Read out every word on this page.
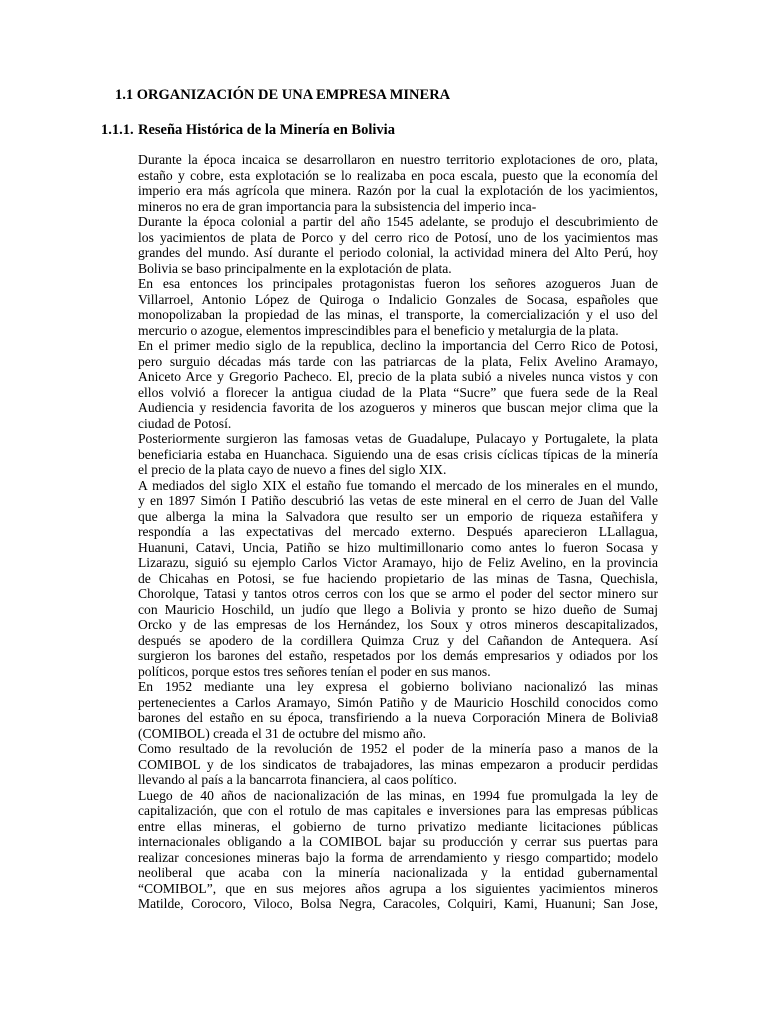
1.1 ORGANIZACIÓN DE UNA EMPRESA MINERA
1.1.1. Reseña Histórica de la Minería en Bolivia
Durante la época incaica se desarrollaron en nuestro territorio explotaciones de oro, plata,
estaño y cobre, esta explotación se lo realizaba en poca escala, puesto que la economía del
imperio era más agrícola que minera. Razón por la cual la explotación de los yacimientos,
mineros no era de gran importancia para la subsistencia del imperio inca-
Durante la época colonial a partir del año 1545 adelante, se produjo el descubrimiento de
los yacimientos de plata de Porco y del cerro rico de Potosí, uno de los yacimientos mas
grandes del mundo. Así durante el periodo colonial, la actividad minera del Alto Perú, hoy
Bolivia se baso principalmente en la explotación de plata.
En esa entonces los principales protagonistas fueron los señores azogueros Juan de
Villarroel, Antonio López de Quiroga o Indalicio Gonzales de Socasa, españoles que
monopolizaban la propiedad de las minas, el transporte, la comercialización y el uso del
mercurio o azogue, elementos imprescindibles para el beneficio y metalurgia de la plata.
En el primer medio siglo de la republica, declino la importancia del Cerro Rico de Potosi,
pero surguio décadas más tarde con las patriarcas de la plata, Felix Avelino Aramayo,
Aniceto Arce y Gregorio Pacheco. El, precio de la plata subió a niveles nunca vistos y con
ellos volvió a florecer la antigua ciudad de la Plata “Sucre” que fuera sede de la Real
Audiencia y residencia favorita de los azogueros y mineros que buscan mejor clima que la
ciudad de Potosí.
Posteriormente surgieron las famosas vetas de Guadalupe, Pulacayo y Portugalete, la plata
beneficiaria estaba en Huanchaca. Siguiendo una de esas crisis cíclicas típicas de la minería
el precio de la plata cayo de nuevo a fines del siglo XIX.
A mediados del siglo XIX el estaño fue tomando el mercado de los minerales en el mundo,
y en 1897 Simón I Patiño descubrió las vetas de este mineral en el cerro de Juan del Valle
que alberga la mina la Salvadora que resulto ser un emporio de riqueza estañifera y
respondía a las expectativas del mercado externo. Después aparecieron LLallagua,
Huanuni, Catavi, Uncia, Patiño se hizo multimillonario como antes lo fueron Socasa y
Lizarazu, siguió su ejemplo Carlos Victor Aramayo, hijo de Feliz Avelino, en la provincia
de Chicahas en Potosi, se fue haciendo propietario de las minas de Tasna, Quechisla,
Chorolque, Tatasi y tantos otros cerros con los que se armo el poder del sector minero sur
con Mauricio Hoschild, un judío que llego a Bolivia y pronto se hizo dueño de Sumaj
Orcko y de las empresas de los Hernández, los Soux y otros mineros descapitalizados,
después se apodero de la cordillera Quimza Cruz y del Cañandon de Antequera. Así
surgieron los barones del estaño, respetados por los demás empresarios y odiados por los
políticos, porque estos tres señores tenían el poder en sus manos.
En 1952 mediante una ley expresa el gobierno boliviano nacionalizó las minas
pertenecientes a Carlos Aramayo, Simón Patiño y de Mauricio Hoschild conocidos como
barones del estaño en su época, transfiriendo a la nueva Corporación Minera de Bolivia8
(COMIBOL) creada el 31 de octubre del mismo año.
Como resultado de la revolución de 1952 el poder de la minería paso a manos de la
COMIBOL y de los sindicatos de trabajadores, las minas empezaron a producir perdidas
llevando al país a la bancarrota financiera, al caos político.
Luego de 40 años de nacionalización de las minas, en 1994 fue promulgada la ley de
capitalización, que con el rotulo de mas capitales e inversiones para las empresas públicas
entre ellas mineras, el gobierno de turno privatizo mediante licitaciones públicas
internacionales obligando a la COMIBOL bajar su producción y cerrar sus puertas para
realizar concesiones mineras bajo la forma de arrendamiento y riesgo compartido; modelo
neoliberal que acaba con la minería nacionalizada y la entidad gubernamental
“COMIBOL”, que en sus mejores años agrupa a los siguientes yacimientos mineros
Matilde, Corocoro, Viloco, Bolsa Negra, Caracoles, Colquiri, Kami, Huanuni; San Jose,
